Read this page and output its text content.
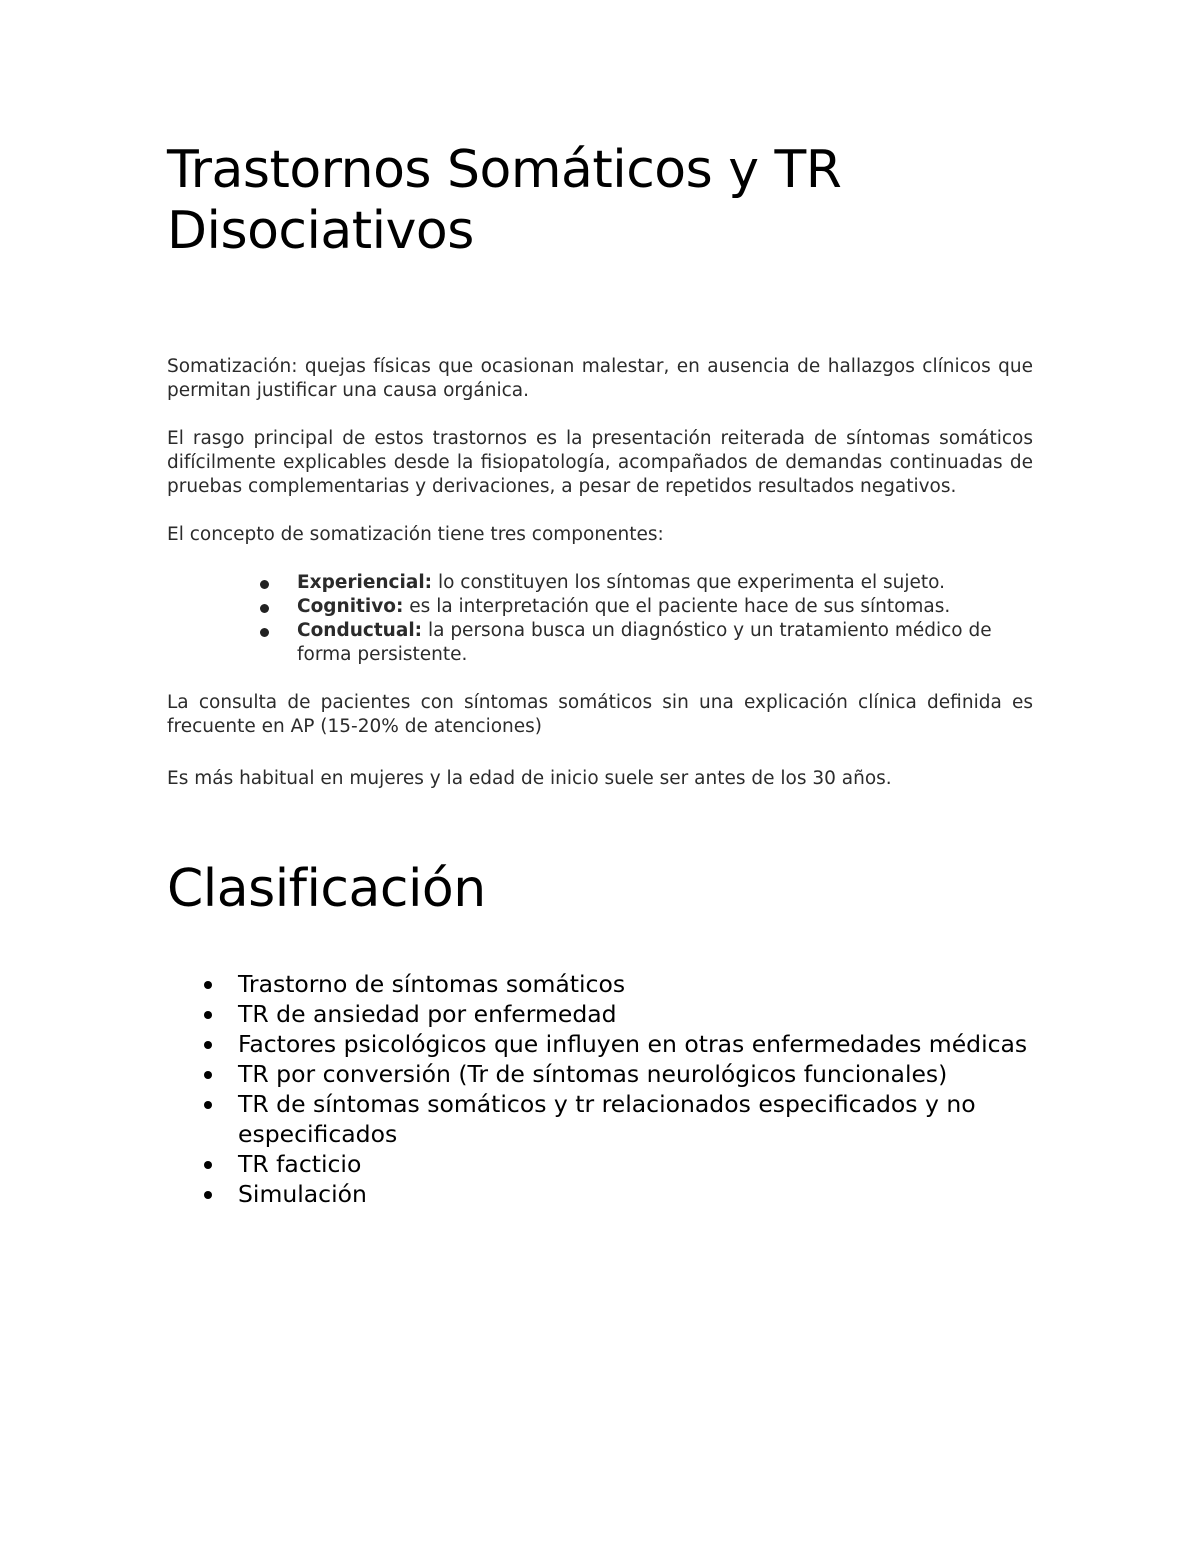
Trastornos Somáticos y TR Disociativos

Somatización: quejas físicas que ocasionan malestar, en ausencia de hallazgos clínicos que permitan justificar una causa orgánica.

El rasgo principal de estos trastornos es la presentación reiterada de síntomas somáticos difícilmente explicables desde la fisiopatología, acompañados de demandas continuadas de pruebas complementarias y derivaciones, a pesar de repetidos resultados negativos.

El concepto de somatización tiene tres componentes:

Experiencial: lo constituyen los síntomas que experimenta el sujeto.
Cognitivo: es la interpretación que el paciente hace de sus síntomas.
Conductual: la persona busca un diagnóstico y un tratamiento médico de forma persistente.

La consulta de pacientes con síntomas somáticos sin una explicación clínica definida es frecuente en AP (15-20% de atenciones)

Es más habitual en mujeres y la edad de inicio suele ser antes de los 30 años.

Clasificación
Trastorno de síntomas somáticos
TR de ansiedad por enfermedad
Factores psicológicos que influyen en otras enfermedades médicas
TR por conversión (Tr de síntomas neurológicos funcionales)
TR de síntomas somáticos y tr relacionados especificados y no especificados
TR facticio
Simulación
